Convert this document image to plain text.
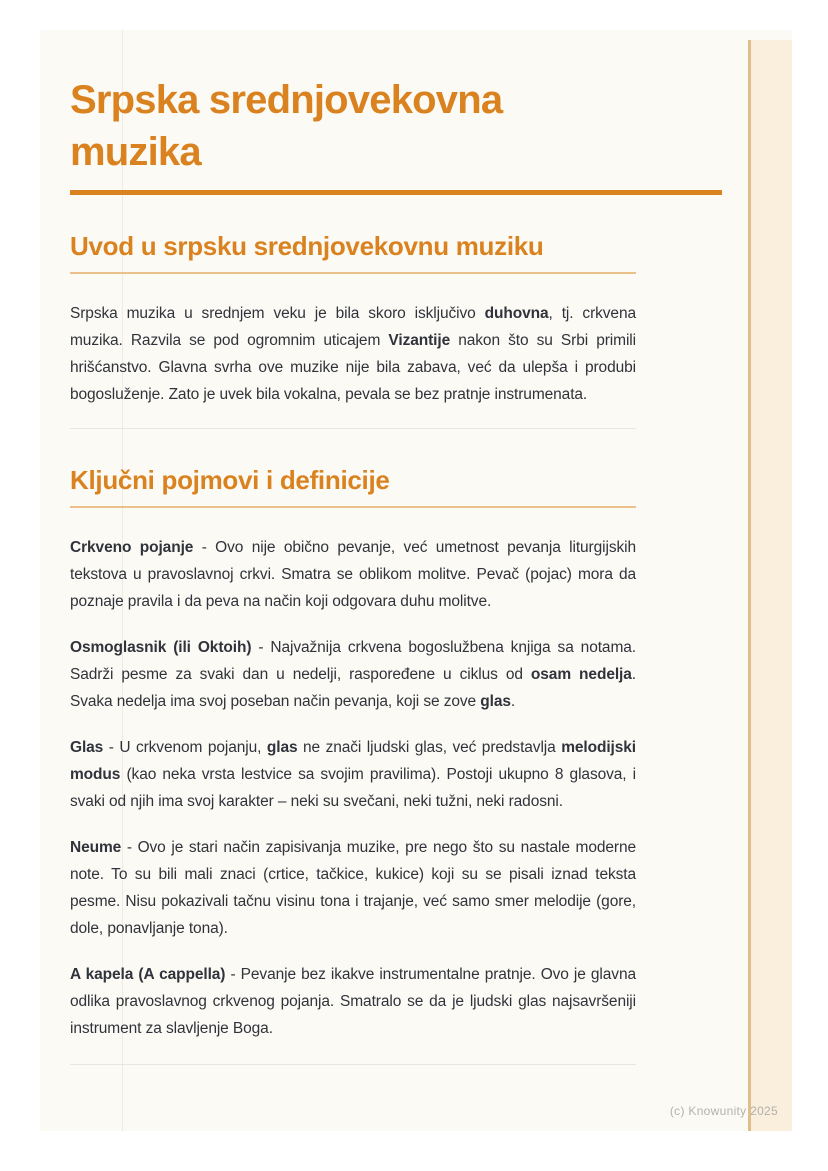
Srpska srednjovekovna muzika
Uvod u srpsku srednjovekovnu muziku

Srpska muzika u srednjem veku je bila skoro isključivo duhovna, tj. crkvena muzika. Razvila se pod ogromnim uticajem Vizantije nakon što su Srbi primili hrišćanstvo. Glavna svrha ove muzike nije bila zabava, već da ulepša i produbi bogosluženje. Zato je uvek bila vokalna, pevala se bez pratnje instrumenata.

Ključni pojmovi i definicije

Crkveno pojanje - Ovo nije obično pevanje, već umetnost pevanja liturgijskih tekstova u pravoslavnoj crkvi. Smatra se oblikom molitve. Pevač (pojac) mora da poznaje pravila i da peva na način koji odgovara duhu molitve.

Osmoglasnik (ili Oktoih) - Najvažnija crkvena bogoslužbena knjiga sa notama. Sadrži pesme za svaki dan u nedelji, raspoređene u ciklus od osam nedelja. Svaka nedelja ima svoj poseban način pevanja, koji se zove glas.

Glas - U crkvenom pojanju, glas ne znači ljudski glas, već predstavlja melodijski modus (kao neka vrsta lestvice sa svojim pravilima). Postoji ukupno 8 glasova, i svaki od njih ima svoj karakter – neki su svečani, neki tužni, neki radosni.

Neume - Ovo je stari način zapisivanja muzike, pre nego što su nastale moderne note. To su bili mali znaci (crtice, tačkice, kukice) koji su se pisali iznad teksta pesme. Nisu pokazivali tačnu visinu tona i trajanje, već samo smer melodije (gore, dole, ponavljanje tona).

A kapela (A cappella) - Pevanje bez ikakve instrumentalne pratnje. Ovo je glavna odlika pravoslavnog crkvenog pojanja. Smatralo se da je ljudski glas najsavršeniji instrument za slavljenje Boga.

(c) Knowunity 2025
